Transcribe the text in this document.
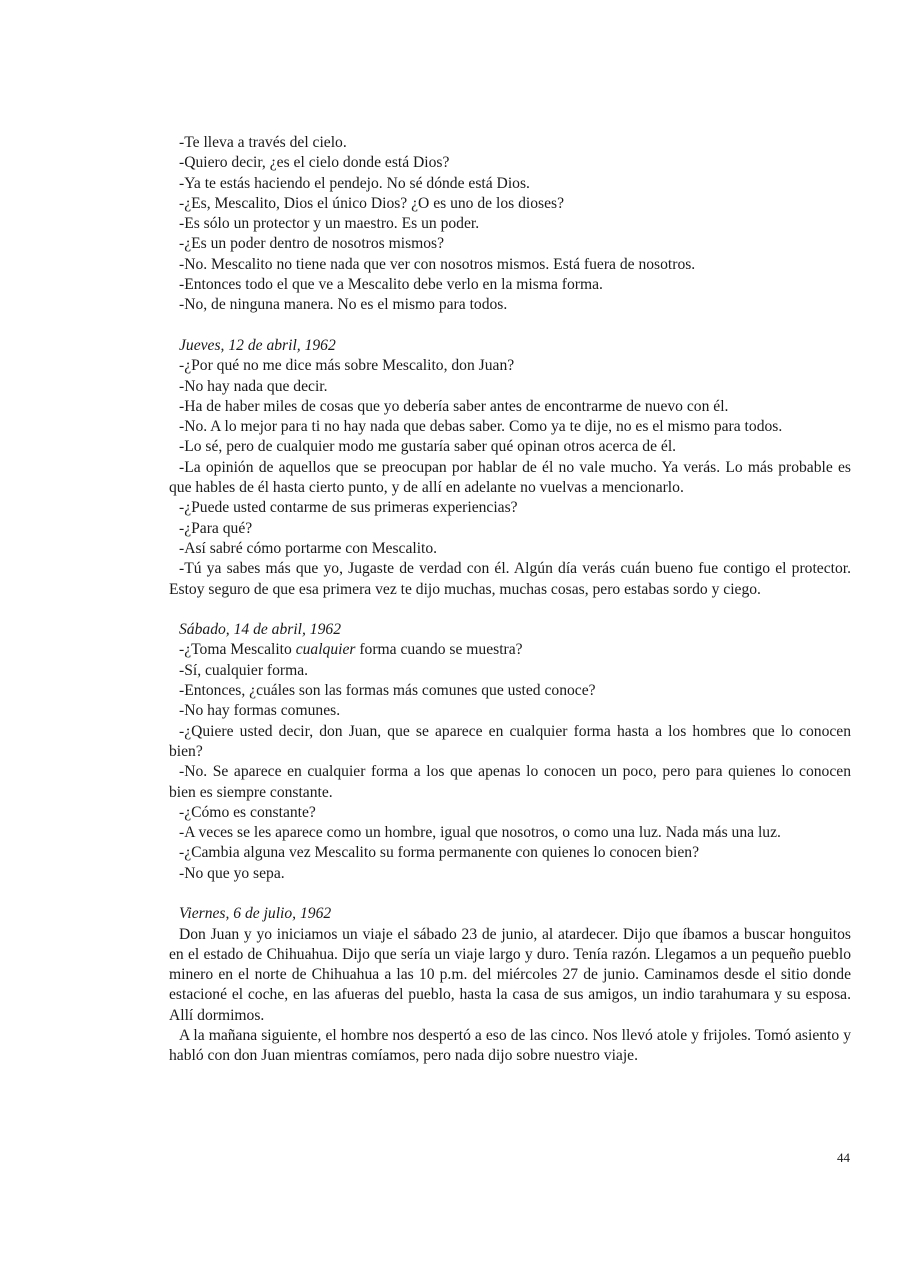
-Te lleva a través del cielo.

-Quiero decir, ¿es el cielo donde está Dios?

-Ya te estás haciendo el pendejo. No sé dónde está Dios.

-¿Es, Mescalito, Dios el único Dios? ¿O es uno de los dioses?

-Es sólo un protector y un maestro. Es un poder.

-¿Es un poder dentro de nosotros mismos?

-No. Mescalito no tiene nada que ver con nosotros mismos. Está fuera de nosotros.

-Entonces todo el que ve a Mescalito debe verlo en la misma forma.

-No, de ninguna manera. No es el mismo para todos.

Jueves, 12 de abril, 1962

-¿Por qué no me dice más sobre Mescalito, don Juan?

-No hay nada que decir.

-Ha de haber miles de cosas que yo debería saber antes de encontrarme de nuevo con él.

-No. A lo mejor para ti no hay nada que debas saber. Como ya te dije, no es el mismo para todos.

-Lo sé, pero de cualquier modo me gustaría saber qué opinan otros acerca de él.

-La opinión de aquellos que se preocupan por hablar de él no vale mucho. Ya verás. Lo más probable es que hables de él hasta cierto punto, y de allí en adelante no vuelvas a mencionarlo.

-¿Puede usted contarme de sus primeras experiencias?

-¿Para qué?

-Así sabré cómo portarme con Mescalito.

-Tú ya sabes más que yo, Jugaste de verdad con él. Algún día verás cuán bueno fue contigo el protector. Estoy seguro de que esa primera vez te dijo muchas, muchas cosas, pero estabas sordo y ciego.

Sábado, 14 de abril, 1962

-¿Toma Mescalito cualquier forma cuando se muestra?

-Sí, cualquier forma.

-Entonces, ¿cuáles son las formas más comunes que usted conoce?

-No hay formas comunes.

-¿Quiere usted decir, don Juan, que se aparece en cualquier forma hasta a los hombres que lo conocen bien?

-No. Se aparece en cualquier forma a los que apenas lo conocen un poco, pero para quienes lo conocen bien es siempre constante.

-¿Cómo es constante?

-A veces se les aparece como un hombre, igual que nosotros, o como una luz. Nada más una luz.

-¿Cambia alguna vez Mescalito su forma permanente con quienes lo conocen bien?

-No que yo sepa.

Viernes, 6 de julio, 1962

Don Juan y yo iniciamos un viaje el sábado 23 de junio, al atardecer. Dijo que íbamos a buscar honguitos en el estado de Chihuahua. Dijo que sería un viaje largo y duro. Tenía razón. Llegamos a un pequeño pueblo minero en el norte de Chihuahua a las 10 p.m. del miércoles 27 de junio. Caminamos desde el sitio donde estacioné el coche, en las afueras del pueblo, hasta la casa de sus amigos, un indio tarahumara y su esposa. Allí dormimos.

A la mañana siguiente, el hombre nos despertó a eso de las cinco. Nos llevó atole y frijoles. Tomó asiento y habló con don Juan mientras comíamos, pero nada dijo sobre nuestro viaje.

44
